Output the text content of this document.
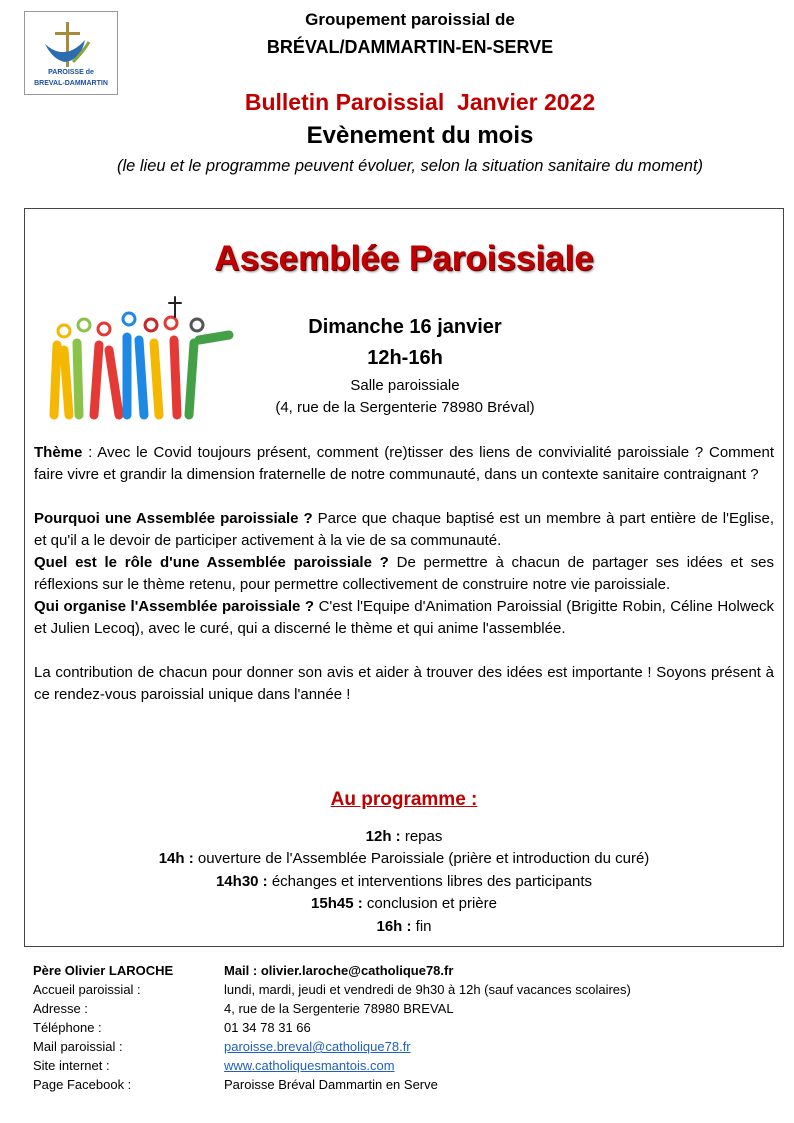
PAROISSE de
BREVAL-DAMMARTIN
Groupement paroissial de
BRÉVAL/DAMMARTIN-EN-SERVE
Bulletin Paroissial  Janvier 2022
Evènement du mois
(le lieu et le programme peuvent évoluer, selon la situation sanitaire du moment)
Assemblée Paroissiale
Dimanche 16 janvier
12h-16h
Salle paroissiale
(4, rue de la Sergenterie 78980 Bréval)

Thème : Avec le Covid toujours présent, comment (re)tisser des liens de convivialité paroissiale ? Comment faire vivre et grandir la dimension fraternelle de notre communauté, dans un contexte sanitaire contraignant ?

Pourquoi une Assemblée paroissiale ? Parce que chaque baptisé est un membre à part entière de l'Eglise, et qu'il a le devoir de participer activement à la vie de sa communauté.

Quel est le rôle d'une Assemblée paroissiale ? De permettre à chacun de partager ses idées et ses réflexions sur le thème retenu, pour permettre collectivement de construire notre vie paroissiale.

Qui organise l'Assemblée paroissiale ? C'est l'Equipe d'Animation Paroissial (Brigitte Robin, Céline Holweck et Julien Lecoq), avec le curé, qui a discerné le thème et qui anime l'assemblée.

La contribution de chacun pour donner son avis et aider à trouver des idées est importante ! Soyons présent à ce rendez-vous paroissial unique dans l'année !

Au programme :
12h : repas
14h : ouverture de l'Assemblée Paroissiale (prière et introduction du curé)
14h30 : échanges et interventions libres des participants
15h45 : conclusion et prière
16h : fin
Père Olivier LAROCHE	Mail : olivier.laroche@catholique78.fr
Accueil paroissial :	lundi, mardi, jeudi et vendredi de 9h30 à 12h (sauf vacances scolaires)
Adresse :	4, rue de la Sergenterie 78980 BREVAL
Téléphone :	01 34 78 31 66
Mail paroissial :	paroisse.breval@catholique78.fr
Site internet :	www.catholiquesmantois.com
Page Facebook :	Paroisse Bréval Dammartin en Serve
